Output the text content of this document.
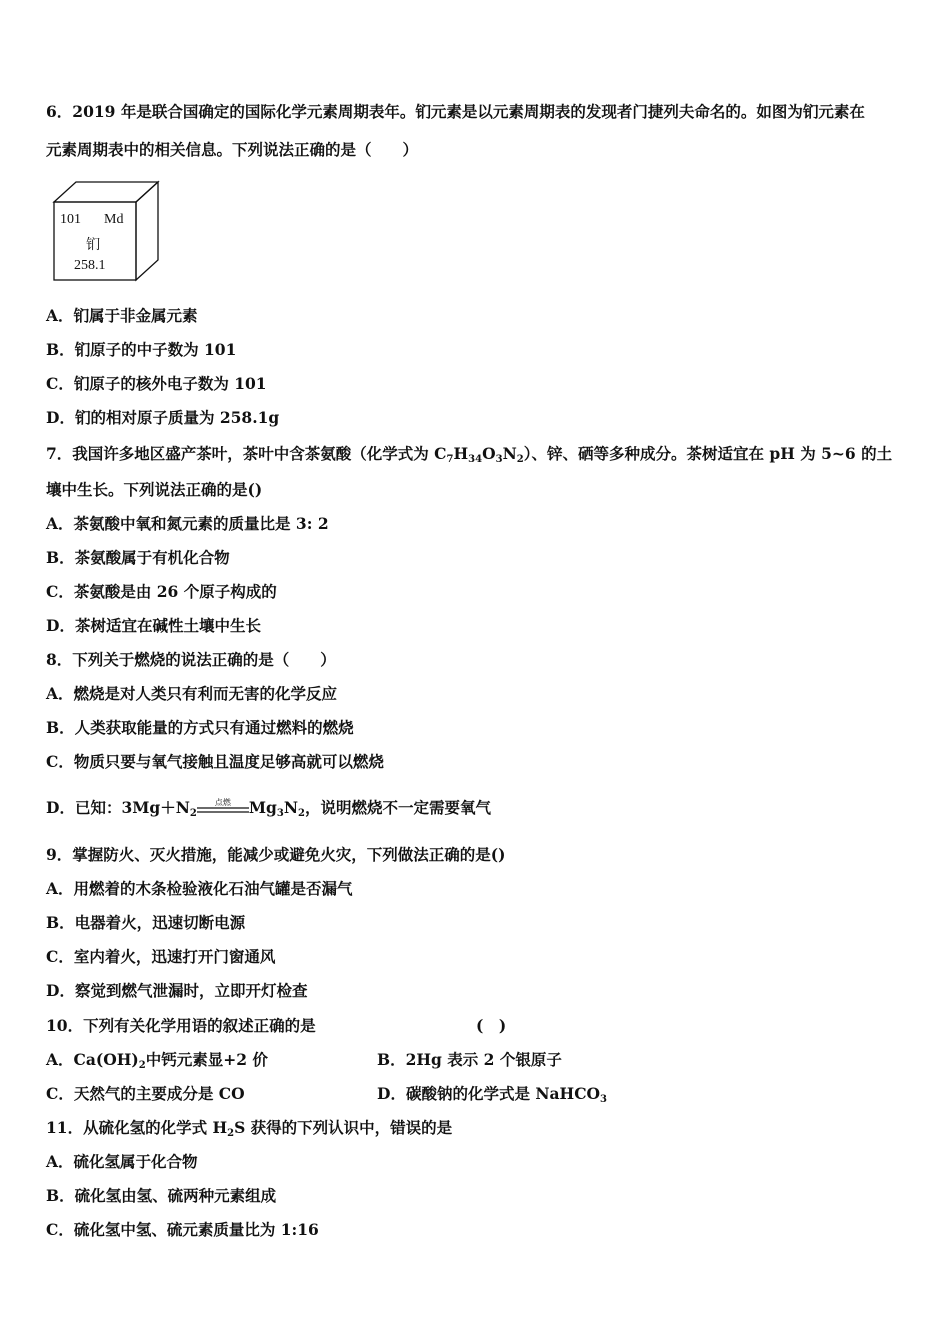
6．2019 年是联合国确定的国际化学元素周期表年。钔元素是以元素周期表的发现者门捷列夫命名的。如图为钔元素在
元素周期表中的相关信息。下列说法正确的是（　　）
101 Md
钔
258.1
A．钔属于非金属元素
B．钔原子的中子数为 101
C．钔原子的核外电子数为 101
D．钔的相对原子质量为 258.1g
7．我国许多地区盛产茶叶，茶叶中含茶氨酸（化学式为 $C_7H_{34}O_3N_2$）、锌、硒等多种成分。茶树适宜在 pH 为 5~6 的土
壤中生长。下列说法正确的是()
A．茶氨酸中氧和氮元素的质量比是 3: 2
B．茶氨酸属于有机化合物
C．茶氨酸是由 26 个原子构成的
D．茶树适宜在碱性土壤中生长
8．下列关于燃烧的说法正确的是（　　）
A．燃烧是对人类只有利而无害的化学反应
B．人类获取能量的方式只有通过燃料的燃烧
C．物质只要与氧气接触且温度足够高就可以燃烧
D．已知：$3Mg+N_2$
点燃	$Mg_3N_2$，说明燃烧不一定需要氧气
9．掌握防火、灭火措施，能减少或避免火灾，下列做法正确的是()
A．用燃着的木条检验液化石油气罐是否漏气
B．电器着火，迅速切断电源
C．室内着火，迅速打开门窗通风
D．察觉到燃气泄漏时，立即开灯检查
10．下列有关化学用语的叙述正确的是	(　)
A．$Ca(OH)_2$中钙元素显+2 价	B．2Hg 表示 2 个银原子
C．天然气的主要成分是 CO	D．碳酸钠的化学式是 NaHCO$_3$
11．从硫化氢的化学式 $H_2S$ 获得的下列认识中，错误的是
A．硫化氢属于化合物
B．硫化氢由氢、硫两种元素组成
C．硫化氢中氢、硫元素质量比为 1:16
